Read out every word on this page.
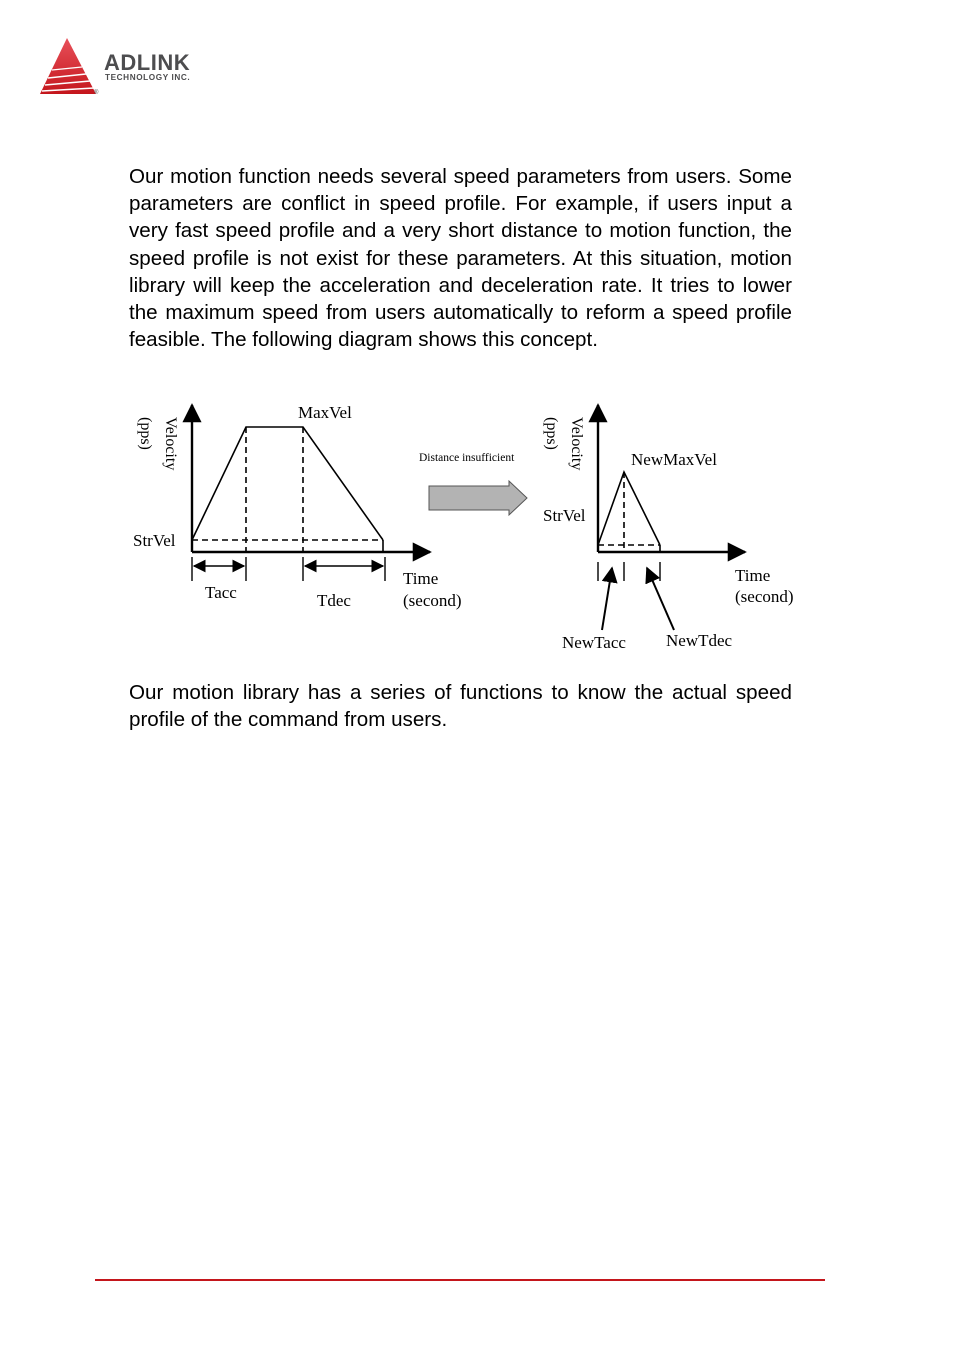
ADLINK
TECHNOLOGY INC.
®

Our motion function needs several speed parameters from users. Some parameters are conflict in speed profile. For example, if users input a very fast speed profile and a very short distance to motion function, the speed profile is not exist for these parameters. At this situation, motion library will keep the acceleration and deceleration rate. It tries to lower the maximum speed from users automatically to reform a speed profile feasible. The following diagram shows this concept.

Velocity
(pps)
MaxVel
StrVel
Tacc	Tdec
Time
(second)
Distance insufficient	Velocity
(pps)
NewMaxVel
StrVel
NewTacc NewTdec
Time
(second)

Our motion library has a series of functions to know the actual speed profile of the command from users.
